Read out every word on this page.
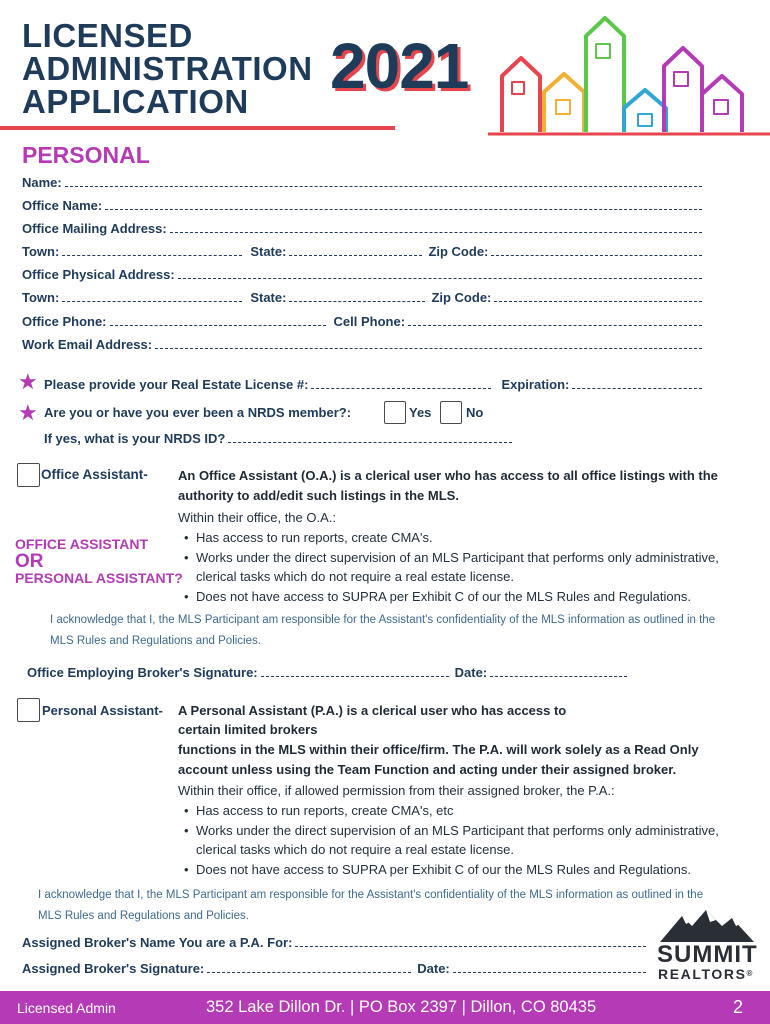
LICENSED
ADMINISTRATION
APPLICATION 2021
PERSONAL
Name:
Office Name:
Office Mailing Address:
Town:	State:	Zip Code:
Office Physical Address:
Town:	State:	Zip Code:
Office Phone:	Cell Phone:
Work Email Address:
★ Please provide your Real Estate License #:	Expiration:
★ Are you or have you ever been a NRDS member?:	Yes	No
If yes, what is your NRDS ID?
Office Assistant- An Office Assistant (O.A.) is a clerical user who has access to all office listings with the authority to add/edit such listings in the MLS.
Within their office, the O.A.:
• Has access to run reports, create CMA's.
• Works under the direct supervision of an MLS Participant that performs only administrative, clerical tasks which do not require a real estate license.
• Does not have access to SUPRA per Exhibit C of our the MLS Rules and Regulations.
OFFICE ASSISTANT
OR
PERSONAL ASSISTANT?
I acknowledge that I, the MLS Participant am responsible for the Assistant's confidentiality of the MLS information as outlined in the MLS Rules and Regulations and Policies.
Office Employing Broker's Signature:	Date:
Personal Assistant- A Personal Assistant (P.A.) is a clerical user who has access to certain limited brokers
functions in the MLS within their office/firm. The P.A. will work solely as a Read Only account unless using the Team Function and acting under their assigned broker.
Within their office, if allowed permission from their assigned broker, the P.A.:
• Has access to run reports, create CMA's, etc
• Works under the direct supervision of an MLS Participant that performs only administrative, clerical tasks which do not require a real estate license.
• Does not have access to SUPRA per Exhibit C of our the MLS Rules and Regulations.
I acknowledge that I, the MLS Participant am responsible for the Assistant's confidentiality of the MLS information as outlined in the MLS Rules and Regulations and Policies.
Assigned Broker's Name You are a P.A. For:
Assigned Broker's Signature:	Date:
SUMMIT
REALTORS®
Licensed Admin	352 Lake Dillon Dr. | PO Box 2397 | Dillon, CO 80435	2
